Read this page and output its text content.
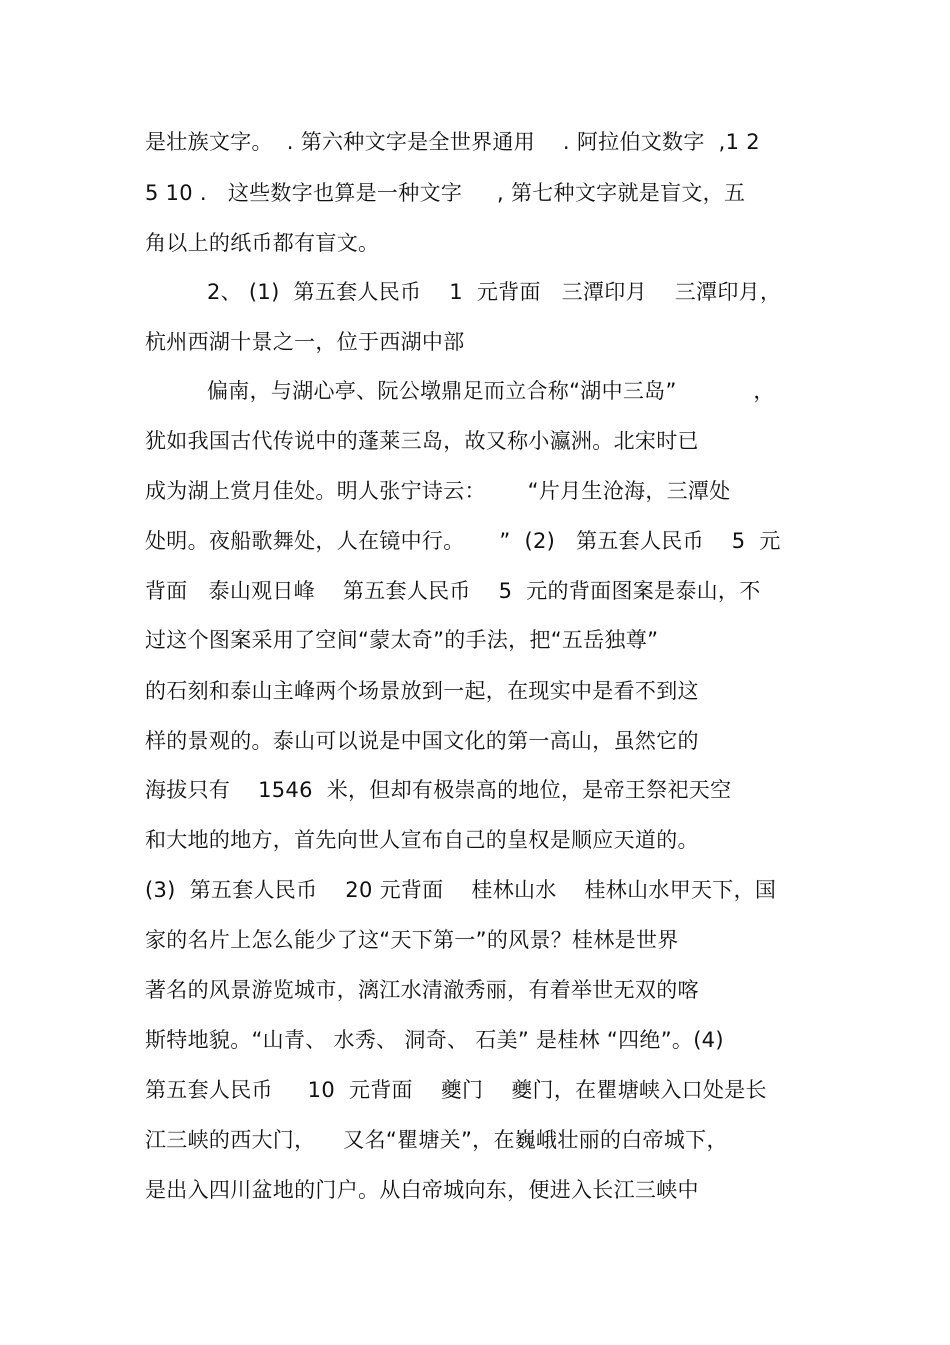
是壮族文字。  . 第六种文字是全世界通用    . 阿拉伯文数字  ,1 2
5 10 .   这些数字也算是一种文字     , 第七种文字就是盲文，五
角以上的纸币都有盲文。
2、 (1)  第五套人民币    1  元背面   三潭印月    三潭印月，
杭州西湖十景之一，位于西湖中部
偏南，与湖心亭、阮公墩鼎足而立合称“湖中三岛”           ，
犹如我国古代传说中的蓬莱三岛，故又称小瀛洲。北宋时已
成为湖上赏月佳处。明人张宁诗云：      “片月生沧海，三潭处
处明。夜船歌舞处，人在镜中行。     ”  (2)   第五套人民币    5  元
背面   泰山观日峰    第五套人民币    5  元的背面图案是泰山，不
过这个图案采用了空间“蒙太奇”的手法，把“五岳独尊”
的石刻和泰山主峰两个场景放到一起，在现实中是看不到这
样的景观的。泰山可以说是中国文化的第一高山，虽然它的
海拔只有    1546  米，但却有极崇高的地位，是帝王祭祀天空
和大地的地方，首先向世人宣布自己的皇权是顺应天道的。
(3)  第五套人民币    20 元背面    桂林山水    桂林山水甲天下，国
家的名片上怎么能少了这“天下第一”的风景？桂林是世界
著名的风景游览城市，漓江水清澈秀丽，有着举世无双的喀
斯特地貌。“山青、 水秀、 洞奇、 石美” 是桂林 “四绝”。(4)
第五套人民币     10  元背面    夔门    夔门，在瞿塘峡入口处是长
江三峡的西大门，    又名“瞿塘关”，在巍峨壮丽的白帝城下，
是出入四川盆地的门户。从白帝城向东，便进入长江三峡中
